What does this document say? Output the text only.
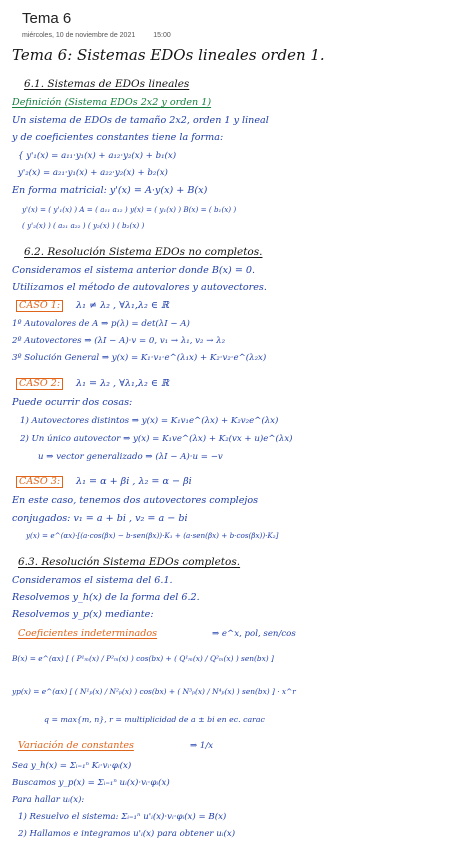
Tema 6
miércoles, 10 de noviembre de 2021	15:00
Tema 6: Sistemas EDOs lineales orden 1.
6.1. Sistemas de EDOs lineales
Definición (Sistema EDOs 2x2 y orden 1)
Un sistema de EDOs de tamaño 2x2, orden 1 y lineal
y de coeficientes constantes tiene la forma:
{ y'₁(x) = a₁₁·y₁(x) + a₁₂·y₂(x) + b₁(x)
y'₂(x) = a₂₁·y₁(x) + a₂₂·y₂(x) + b₂(x)
En forma matricial: y'(x) = A·y(x) + B(x)
y'(x) = ( y'₁(x) ) A = ( a₁₁ a₁₂ ) y(x) = ( y₁(x) ) B(x) = ( b₁(x) )
( y'₂(x) ) ( a₂₁ a₂₂ ) ( y₂(x) ) ( b₂(x) )
6.2. Resolución Sistema EDOs no completos.
Consideramos el sistema anterior donde B(x) = 0.
Utilizamos el método de autovalores y autovectores.
CASO 1:	λ₁ ≠ λ₂ , ∀λ₁,λ₂ ∈ ℝ
1º Autovalores de A ⇒ p(λ) = det(λI − A)
2º Autovectores ⇒ (λI − A)·v = 0, v₁ → λ₁, v₂ → λ₂
3º Solución General ⇒ y(x) = K₁·v₁·e^(λ₁x) + K₂·v₂·e^(λ₂x)
CASO 2:	λ₁ = λ₂ , ∀λ₁,λ₂ ∈ ℝ
Puede ocurrir dos cosas:
1) Autovectores distintos ⇒ y(x) = K₁v₁e^(λx) + K₂v₂e^(λx)
2) Un único autovector ⇒ y(x) = K₁ve^(λx) + K₂(vx + u)e^(λx)
u ⇒ vector generalizado ⇒ (λI − A)·u = −v
CASO 3:	λ₁ = α + βi , λ₂ = α − βi
En este caso, tenemos dos autovectores complejos
conjugados: v₁ = a + bi , v₂ = a − bi
y(x) = e^(αx)·[(a·cos(βx) − b·sen(βx))·K₁ + (a·sen(βx) + b·cos(βx))·K₂]
6.3. Resolución Sistema EDOs completos.
Consideramos el sistema del 6.1.
Resolvemos y_h(x) de la forma del 6.2.
Resolvemos y_p(x) mediante:
Coeficientes indeterminados	⇒ e^x, pol, sen/cos
B(x) = e^(αx) [ ( P¹ₘ(x) / P²ₘ(x) ) cos(bx) + ( Q¹ₘ(x) / Q²ₘ(x) ) sen(bx) ]
yp(x) = e^(αx) [ ( N¹ₚ(x) / N²ₚ(x) ) cos(bx) + ( N³ₚ(x) / N⁴ₚ(x) ) sen(bx) ] · x^r
q = max{m, n}, r = multiplicidad de a ± bi en ec. carac
Variación de constantes	⇒ 1/x
Sea y_h(x) = Σᵢ₌₁ⁿ Kᵢ·vᵢ·φᵢ(x)
Buscamos y_p(x) = Σᵢ₌₁ⁿ uᵢ(x)·vᵢ·φᵢ(x)
Para hallar uᵢ(x):
1) Resuelvo el sistema: Σᵢ₌₁ⁿ u'ᵢ(x)·vᵢ·φᵢ(x) = B(x)
2) Hallamos e integramos u'ᵢ(x) para obtener uᵢ(x)
